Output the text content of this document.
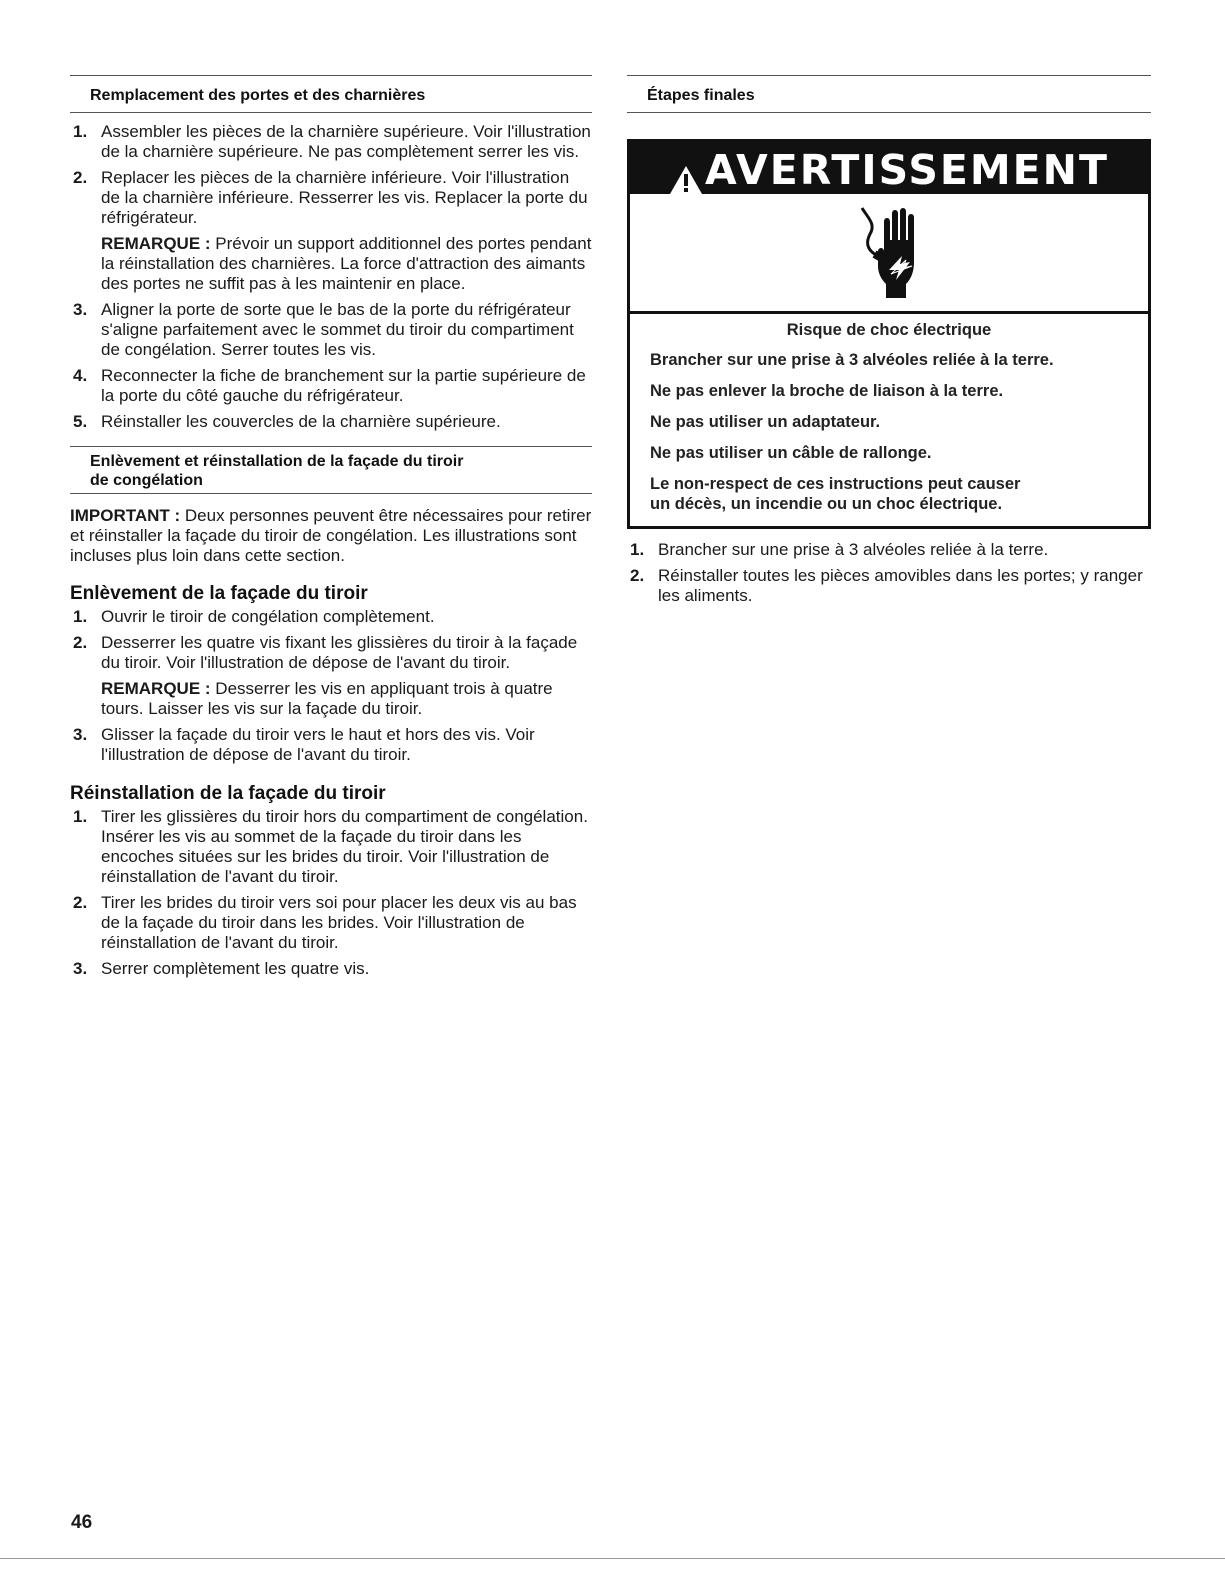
Remplacement des portes et des charnières
1. Assembler les pièces de la charnière supérieure. Voir l'illustration de la charnière supérieure. Ne pas complètement serrer les vis.
2. Replacer les pièces de la charnière inférieure. Voir l'illustration de la charnière inférieure. Resserrer les vis. Replacer la porte du réfrigérateur.
REMARQUE : Prévoir un support additionnel des portes pendant la réinstallation des charnières. La force d'attraction des aimants des portes ne suffit pas à les maintenir en place.
3. Aligner la porte de sorte que le bas de la porte du réfrigérateur s'aligne parfaitement avec le sommet du tiroir du compartiment de congélation. Serrer toutes les vis.
4. Reconnecter la fiche de branchement sur la partie supérieure de la porte du côté gauche du réfrigérateur.
5. Réinstaller les couvercles de la charnière supérieure.
Enlèvement et réinstallation de la façade du tiroir
de congélation

IMPORTANT : Deux personnes peuvent être nécessaires pour retirer et réinstaller la façade du tiroir de congélation. Les illustrations sont incluses plus loin dans cette section.

Enlèvement de la façade du tiroir
1. Ouvrir le tiroir de congélation complètement.
2. Desserrer les quatre vis fixant les glissières du tiroir à la façade du tiroir. Voir l'illustration de dépose de l'avant du tiroir.
REMARQUE : Desserrer les vis en appliquant trois à quatre tours. Laisser les vis sur la façade du tiroir.
3. Glisser la façade du tiroir vers le haut et hors des vis. Voir l'illustration de dépose de l'avant du tiroir.
Réinstallation de la façade du tiroir
1. Tirer les glissières du tiroir hors du compartiment de congélation. Insérer les vis au sommet de la façade du tiroir dans les encoches situées sur les brides du tiroir. Voir l'illustration de réinstallation de l'avant du tiroir.
2. Tirer les brides du tiroir vers soi pour placer les deux vis au bas de la façade du tiroir dans les brides. Voir l'illustration de réinstallation de l'avant du tiroir.
3. Serrer complètement les quatre vis.
Étapes finales
AVERTISSEMENT
Risque de choc électrique
Brancher sur une prise à 3 alvéoles reliée à la terre.
Ne pas enlever la broche de liaison à la terre.
Ne pas utiliser un adaptateur.
Ne pas utiliser un câble de rallonge.
Le non-respect de ces instructions peut causer
un décès, un incendie ou un choc électrique.
1. Brancher sur une prise à 3 alvéoles reliée à la terre.
2. Réinstaller toutes les pièces amovibles dans les portes; y ranger les aliments.
46
